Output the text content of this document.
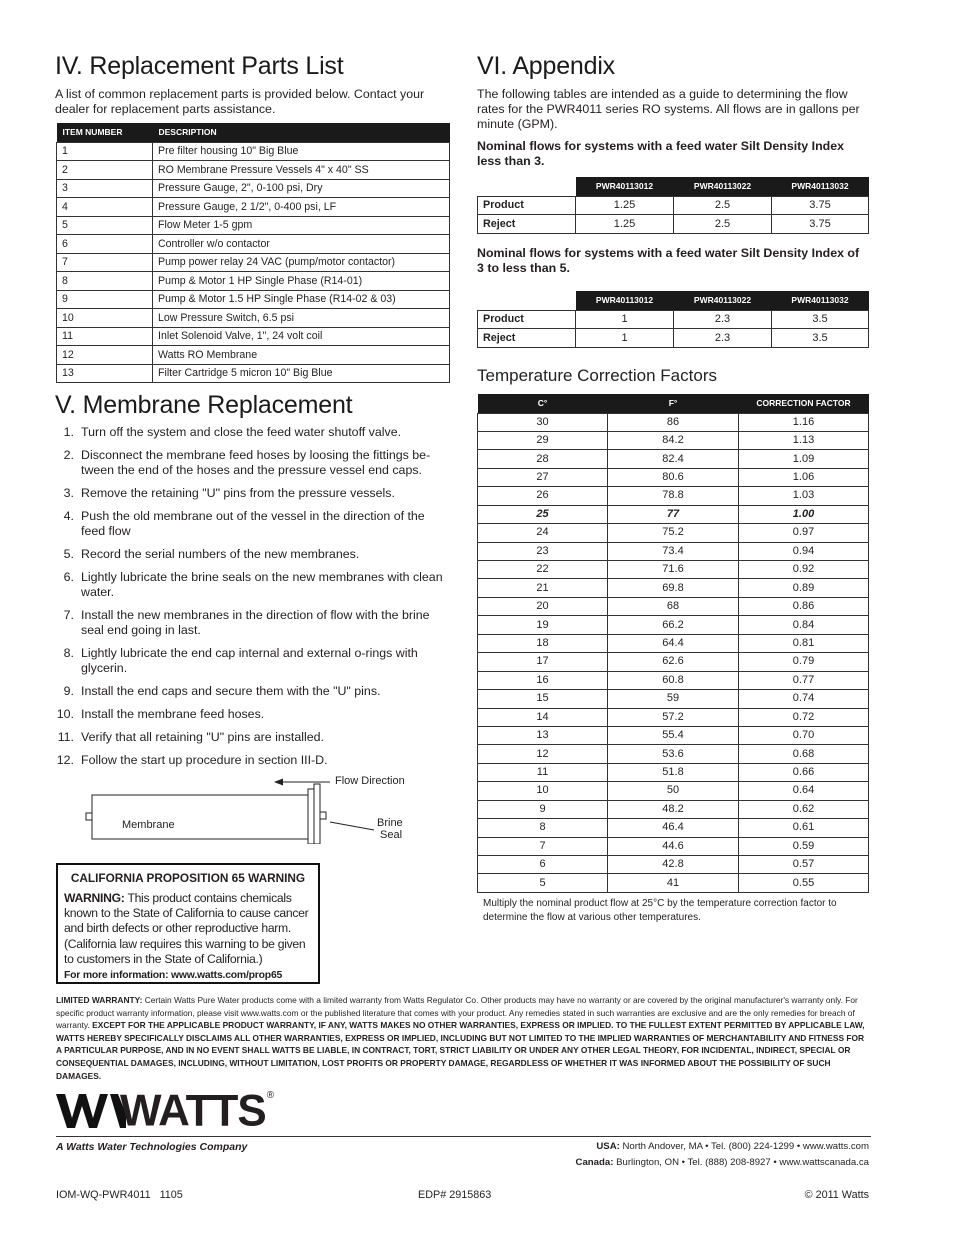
IV. Replacement Parts List

A list of common replacement parts is provided below. Contact your dealer for replacement parts assistance.

ITEM NUMBER	DESCRIPTION
1	Pre filter housing 10" Big Blue
2	RO Membrane Pressure Vessels 4" x 40" SS
3	Pressure Gauge, 2", 0-100 psi, Dry
4	Pressure Gauge, 2 1/2", 0-400 psi, LF
5	Flow Meter 1-5 gpm
6	Controller w/o contactor
7	Pump power relay 24 VAC (pump/motor contactor)
8	Pump & Motor 1 HP Single Phase (R14-01)
9	Pump & Motor 1.5 HP Single Phase (R14-02 & 03)
10	Low Pressure Switch, 6.5 psi
11	Inlet Solenoid Valve, 1", 24 volt coil
12	Watts RO Membrane
13	Filter Cartridge 5 micron 10" Big Blue
V. Membrane Replacement
1. Turn off the system and close the feed water shutoff valve.
2. Disconnect the membrane feed hoses by loosing the fittings be-tween the end of the hoses and the pressure vessel end caps.
3. Remove the retaining "U" pins from the pressure vessels.
4. Push the old membrane out of the vessel in the direction of the feed flow
5. Record the serial numbers of the new membranes.
6. Lightly lubricate the brine seals on the new membranes with clean water.
7. Install the new membranes in the direction of flow with the brine seal end going in last.
8. Lightly lubricate the end cap internal and external o-rings with glycerin.
9. Install the end caps and secure them with the "U" pins.
10. Install the membrane feed hoses.
11. Verify that all retaining "U" pins are installed.
12. Follow the start up procedure in section III-D.
Flow Direction
Membrane	Brine
Seal
CALIFORNIA PROPOSITION 65 WARNING
WARNING: This product contains chemicals known to the State of California to cause cancer and birth defects or other reproductive harm.
(California law requires this warning to be given to customers in the State of California.)
For more information: www.watts.com/prop65
VI. Appendix

The following tables are intended as a guide to determining the flow rates for the PWR4011 series RO systems. All flows are in gallons per minute (GPM).

Nominal flows for systems with a feed water Silt Density Index less than 3.

	PWR40113012	PWR40113022	PWR40113032
Product	1.25	2.5	3.75
Reject	1.25	2.5	3.75

Nominal flows for systems with a feed water Silt Density Index of 3 to less than 5.

	PWR40113012	PWR40113022	PWR40113032
Product	1	2.3	3.5
Reject	1	2.3	3.5
Temperature Correction Factors
C°	F°	CORRECTION FACTOR
30	86	1.16
29	84.2	1.13
28	82.4	1.09
27	80.6	1.06
26	78.8	1.03
25	77	1.00
24	75.2	0.97
23	73.4	0.94
22	71.6	0.92
21	69.8	0.89
20	68	0.86
19	66.2	0.84
18	64.4	0.81
17	62.6	0.79
16	60.8	0.77
15	59	0.74
14	57.2	0.72
13	55.4	0.70
12	53.6	0.68
11	51.8	0.66
10	50	0.64
9	48.2	0.62
8	46.4	0.61
7	44.6	0.59
6	42.8	0.57
5	41	0.55

Multiply the nominal product flow at 25°C by the temperature correction factor to determine the flow at various other temperatures.

LIMITED WARRANTY: Certain Watts Pure Water products come with a limited warranty from Watts Regulator Co. Other products may have no warranty or are covered by the original manufacturer's warranty only. For specific product warranty information, please visit www.watts.com or the published literature that comes with your product. Any remedies stated in such warranties are exclusive and are the only remedies for breach of warranty. EXCEPT FOR THE APPLICABLE PRODUCT WARRANTY, IF ANY, WATTS MAKES NO OTHER WARRANTIES, EXPRESS OR IMPLIED. TO THE FULLEST EXTENT PERMITTED BY APPLICABLE LAW, WATTS HEREBY SPECIFICALLY DISCLAIMS ALL OTHER WARRANTIES, EXPRESS OR IMPLIED, INCLUDING BUT NOT LIMITED TO THE IMPLIED WARRANTIES OF MERCHANTABILITY AND FITNESS FOR A PARTICULAR PURPOSE, AND IN NO EVENT SHALL WATTS BE LIABLE, IN CONTRACT, TORT, STRICT LIABILITY OR UNDER ANY OTHER LEGAL THEORY, FOR INCIDENTAL, INDIRECT, SPECIAL OR CONSEQUENTIAL DAMAGES, INCLUDING, WITHOUT LIMITATION, LOST PROFITS OR PROPERTY DAMAGE, REGARDLESS OF WHETHER IT WAS INFORMED ABOUT THE POSSIBILITY OF SUCH DAMAGES.

WATTS ®
A Watts Water Technologies Company	USA: North Andover, MA • Tel. (800) 224-1299 • www.watts.com
Canada: Burlington, ON • Tel. (888) 208-8927 • www.wattscanada.ca
IOM-WQ-PWR4011   1105	EDP# 2915863	© 2011 Watts
